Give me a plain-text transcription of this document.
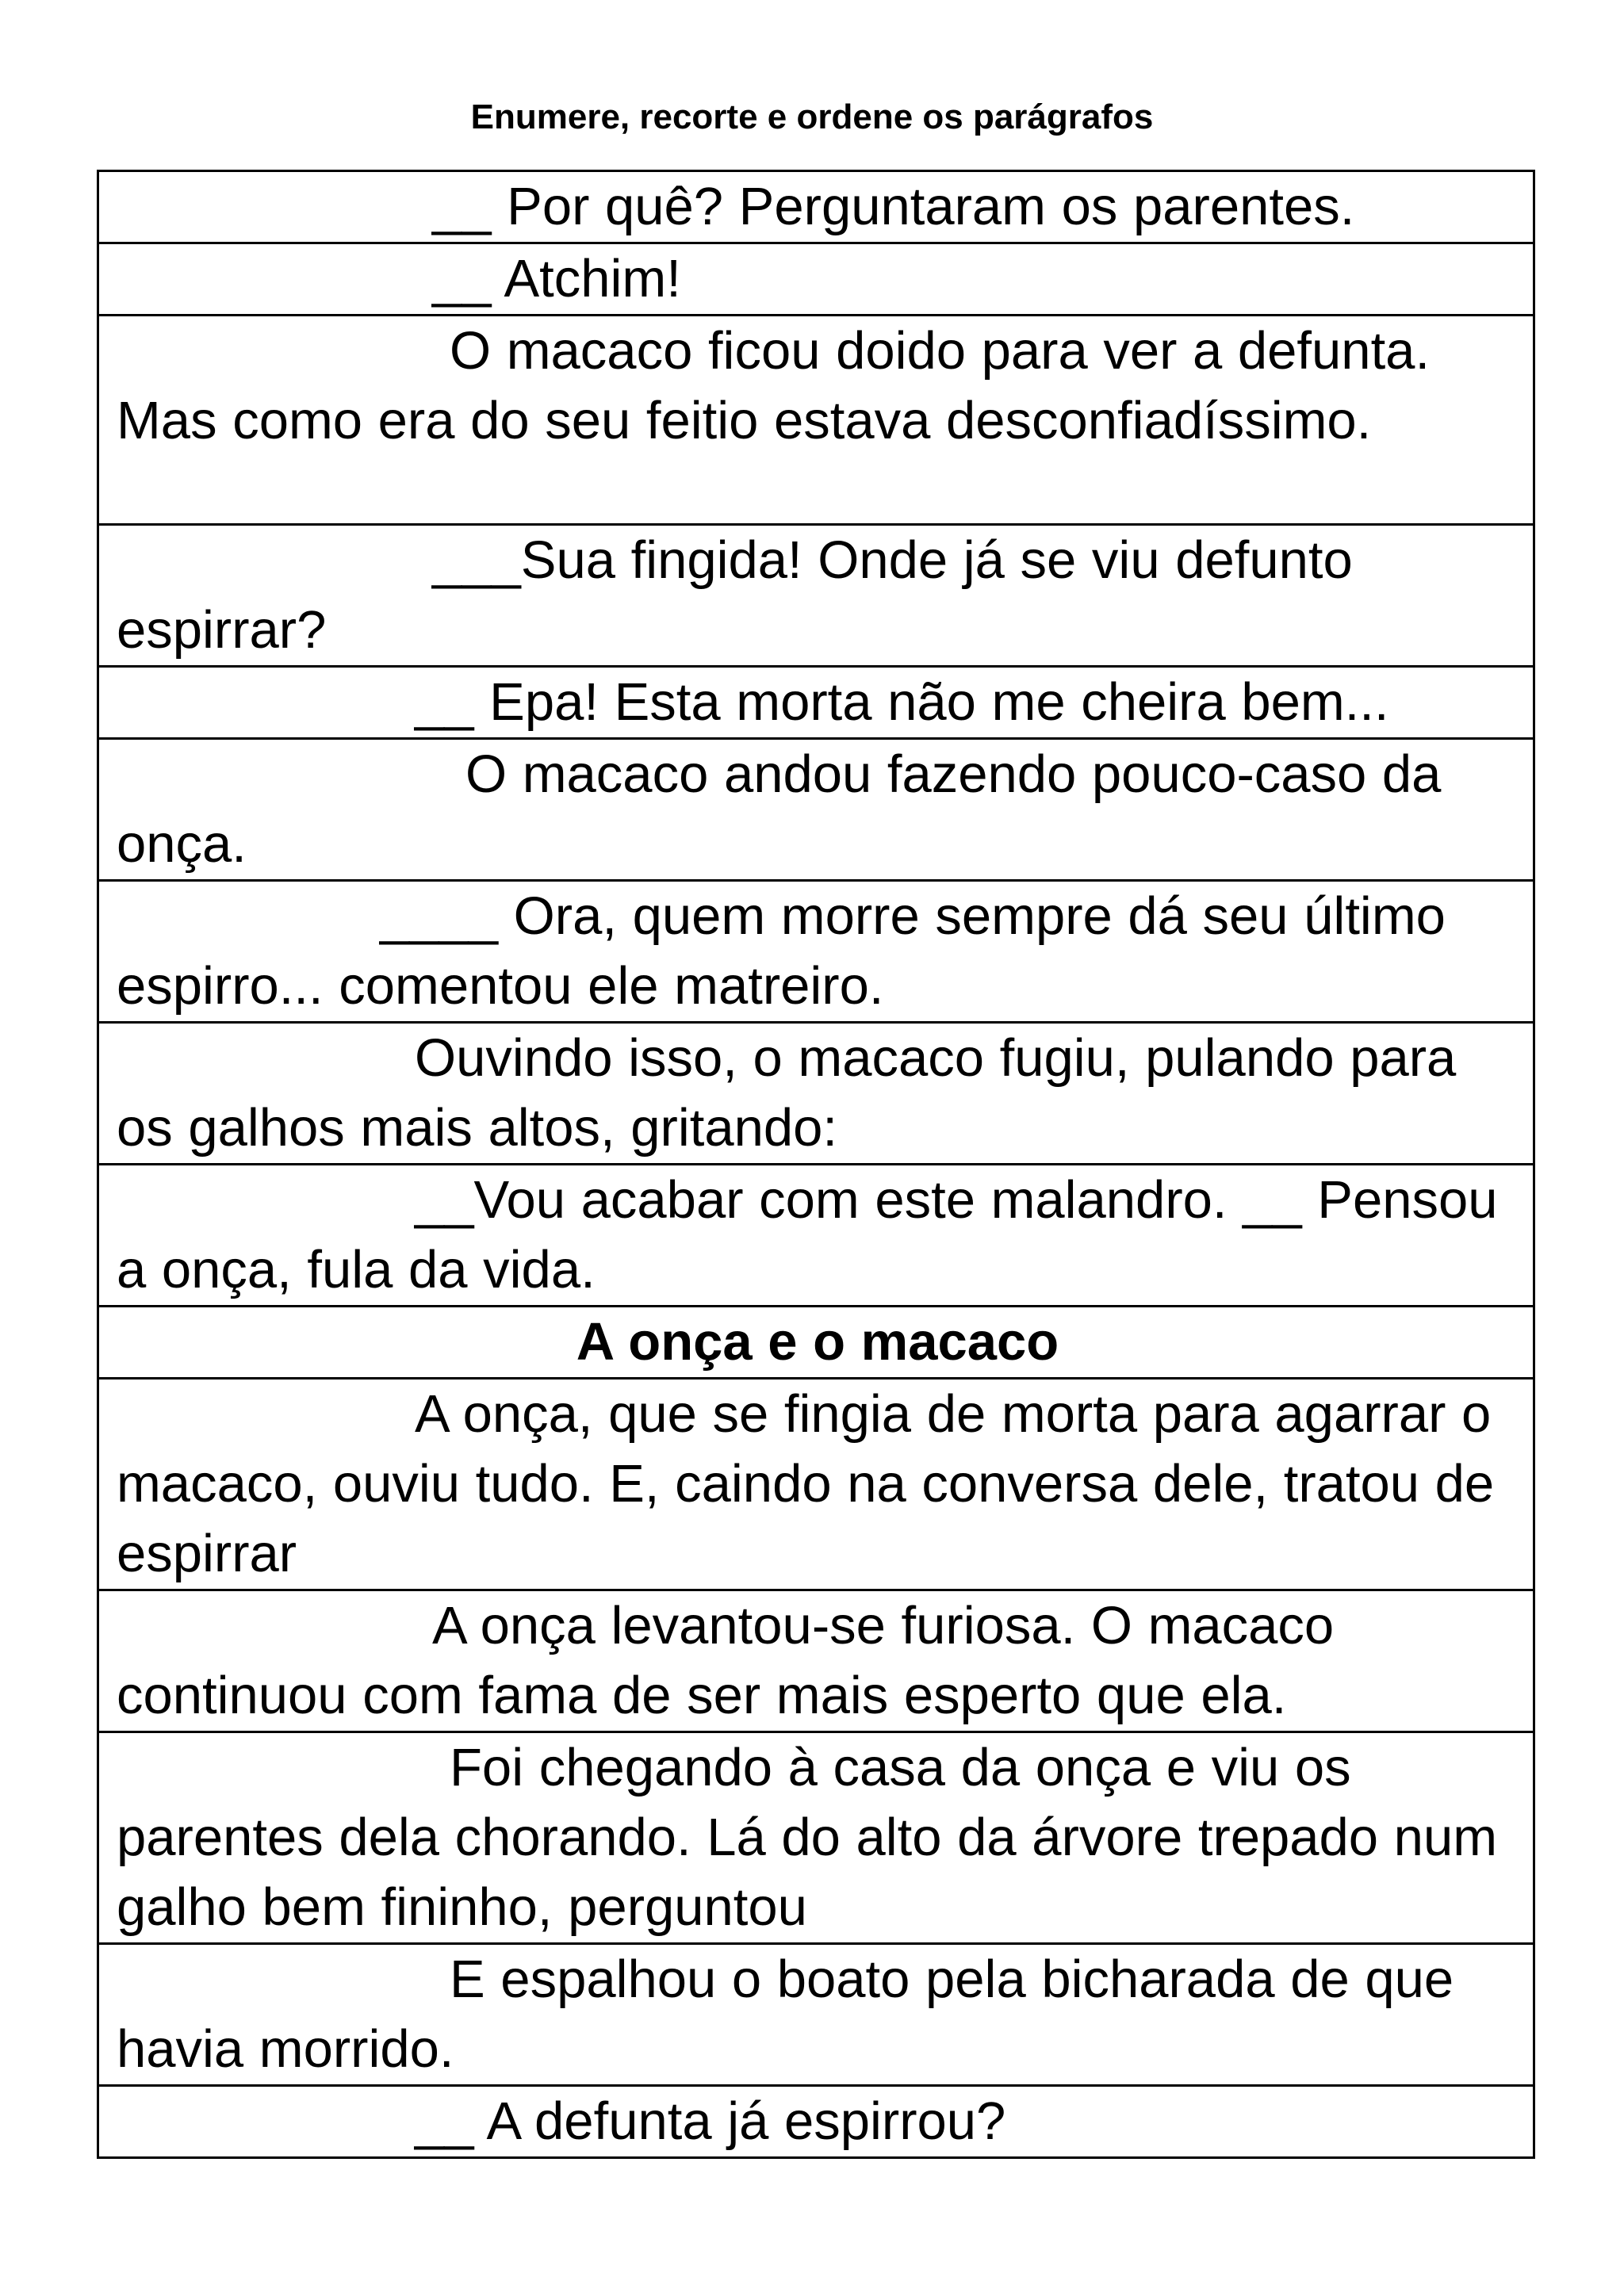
Enumere, recorte e ordene os parágrafos
__ Por quê? Perguntaram os parentes.
__ Atchim!
O macaco ficou doido para ver a defunta. Mas como era do seu feitio estava desconfiadíssimo.
___Sua fingida! Onde já se viu defunto espirrar?
__ Epa! Esta morta não me cheira bem...
O macaco andou fazendo pouco-caso da onça.
____ Ora, quem morre sempre dá seu último espirro... comentou ele matreiro.
Ouvindo isso, o macaco fugiu, pulando para os galhos mais altos, gritando:
__Vou acabar com este malandro. __ Pensou a onça, fula da vida.
A onça e o macaco
A onça, que se fingia de morta para agarrar o macaco, ouviu tudo. E, caindo na conversa dele, tratou de espirrar
A onça levantou-se furiosa. O macaco continuou com fama de ser mais esperto que ela.
Foi chegando à casa da onça e viu os parentes dela chorando. Lá do alto da árvore trepado num galho bem fininho, perguntou
E espalhou o boato pela bicharada de que havia morrido.
__ A defunta já espirrou?
